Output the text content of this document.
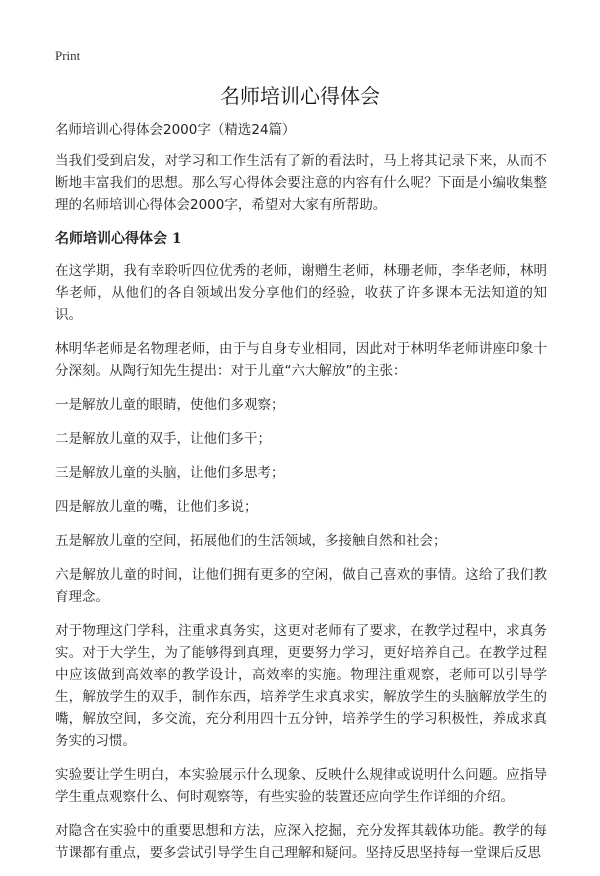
Print
名师培训心得体会

名师培训心得体会2000字（精选24篇）

当我们受到启发，对学习和工作生活有了新的看法时，马上将其记录下来，从而不断地丰富我们的思想。那么写心得体会要注意的内容有什么呢？下面是小编收集整理的名师培训心得体会2000字，希望对大家有所帮助。

名师培训心得体会 1

在这学期，我有幸聆听四位优秀的老师，谢赠生老师，林珊老师，李华老师，林明华老师，从他们的各自领域出发分享他们的经验，收获了许多课本无法知道的知识。

林明华老师是名物理老师，由于与自身专业相同，因此对于林明华老师讲座印象十分深刻。从陶行知先生提出：对于儿童“六大解放”的主张：

一是解放儿童的眼睛，使他们多观察；

二是解放儿童的双手，让他们多干；

三是解放儿童的头脑，让他们多思考；

四是解放儿童的嘴，让他们多说；

五是解放儿童的空间，拓展他们的生活领域，多接触自然和社会；

六是解放儿童的时间，让他们拥有更多的空闲，做自己喜欢的事情。这给了我们教育理念。

对于物理这门学科，注重求真务实，这更对老师有了要求，在教学过程中，求真务实。对于大学生，为了能够得到真理，更要努力学习，更好培养自己。在教学过程中应该做到高效率的教学设计，高效率的实施。物理注重观察，老师可以引导学生，解放学生的双手，制作东西，培养学生求真求实，解放学生的头脑解放学生的嘴，解放空间，多交流，充分利用四十五分钟，培养学生的学习积极性，养成求真务实的习惯。

实验要让学生明白，本实验展示什么现象、反映什么规律或说明什么问题。应指导学生重点观察什么、何时观察等，有些实验的装置还应向学生作详细的介绍。

对隐含在实验中的重要思想和方法，应深入挖掘，充分发挥其载体功能。教学的每节课都有重点，要多尝试引导学生自己理解和疑问。坚持反思坚持每一堂课后反思
